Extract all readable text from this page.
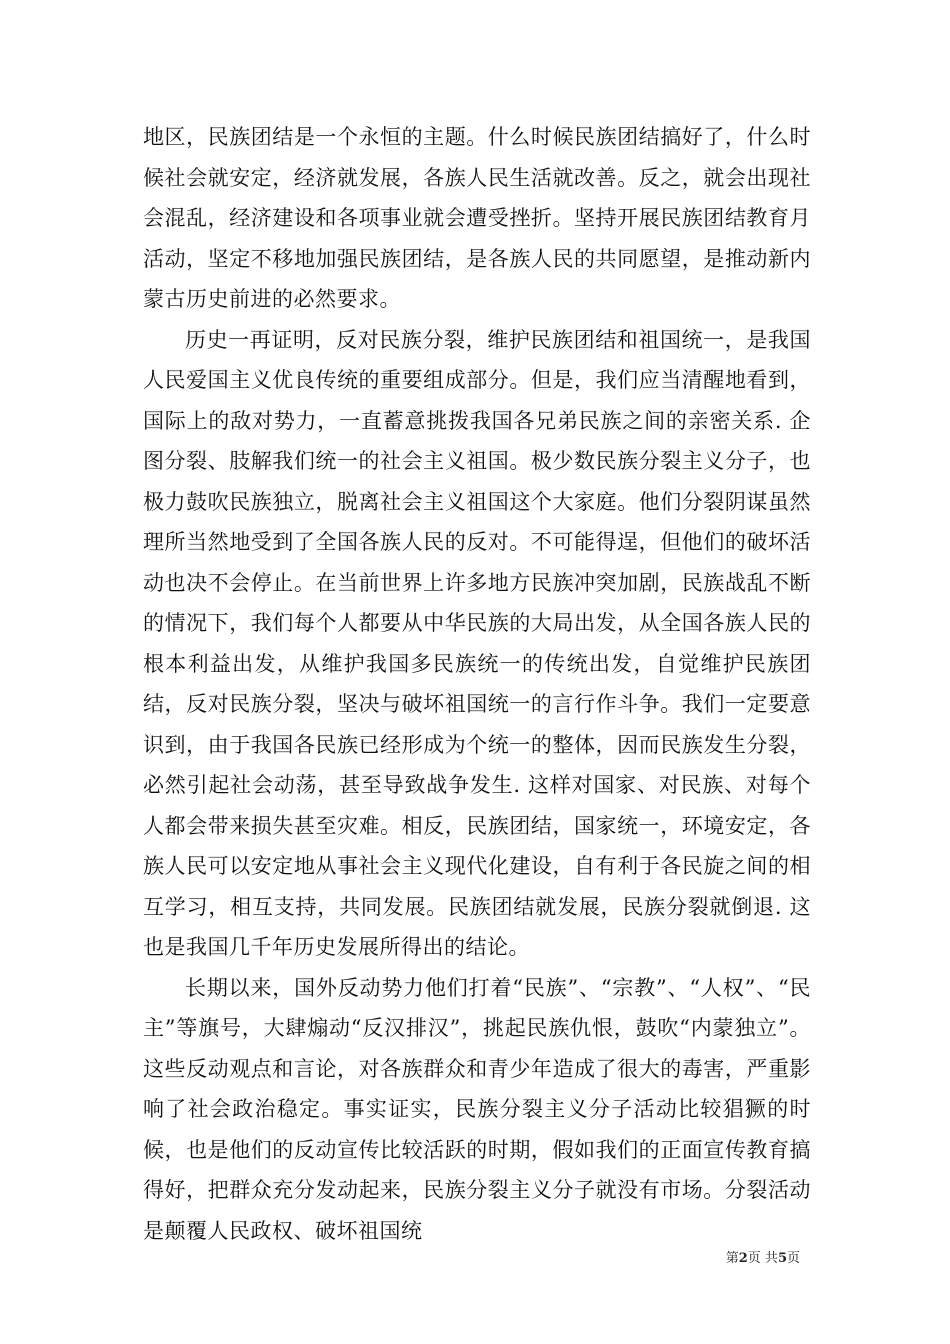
地区，民族团结是一个永恒的主题。什么时候民族团结搞好了，什么时候社会就安定，经济就发展，各族人民生活就改善。反之，就会出现社会混乱，经济建设和各项事业就会遭受挫折。坚持开展民族团结教育月活动，坚定不移地加强民族团结，是各族人民的共同愿望，是推动新内蒙古历史前进的必然要求。

历史一再证明，反对民族分裂，维护民族团结和祖国统一，是我国人民爱国主义优良传统的重要组成部分。但是，我们应当清醒地看到，国际上的敌对势力，一直蓄意挑拨我国各兄弟民族之间的亲密关系. 企图分裂、肢解我们统一的社会主义祖国。极少数民族分裂主义分子，也极力鼓吹民族独立，脱离社会主义祖国这个大家庭。他们分裂阴谋虽然理所当然地受到了全国各族人民的反对。不可能得逞，但他们的破坏活动也决不会停止。在当前世界上许多地方民族冲突加剧，民族战乱不断的情况下，我们每个人都要从中华民族的大局出发，从全国各族人民的根本利益出发，从维护我国多民族统一的传统出发，自觉维护民族团结，反对民族分裂，坚决与破坏祖国统一的言行作斗争。我们一定要意识到，由于我国各民族已经形成为个统一的整体，因而民族发生分裂，必然引起社会动荡，甚至导致战争发生. 这样对国家、对民族、对每个人都会带来损失甚至灾难。相反，民族团结，国家统一，环境安定，各族人民可以安定地从事社会主义现代化建设，自有利于各民旋之间的相互学习，相互支持，共同发展。民族团结就发展，民族分裂就倒退. 这也是我国几千年历史发展所得出的结论。

长期以来，国外反动势力他们打着“民族”、“宗教”、“人权”、“民主”等旗号，大肆煽动“反汉排汉”，挑起民族仇恨，鼓吹“内蒙独立”。这些反动观点和言论，对各族群众和青少年造成了很大的毒害，严重影响了社会政治稳定。事实证实，民族分裂主义分子活动比较猖獗的时候，也是他们的反动宣传比较活跃的时期，假如我们的正面宣传教育搞得好，把群众充分发动起来，民族分裂主义分子就没有市场。分裂活动是颠覆人民政权、破坏祖国统

第2页 共5页
